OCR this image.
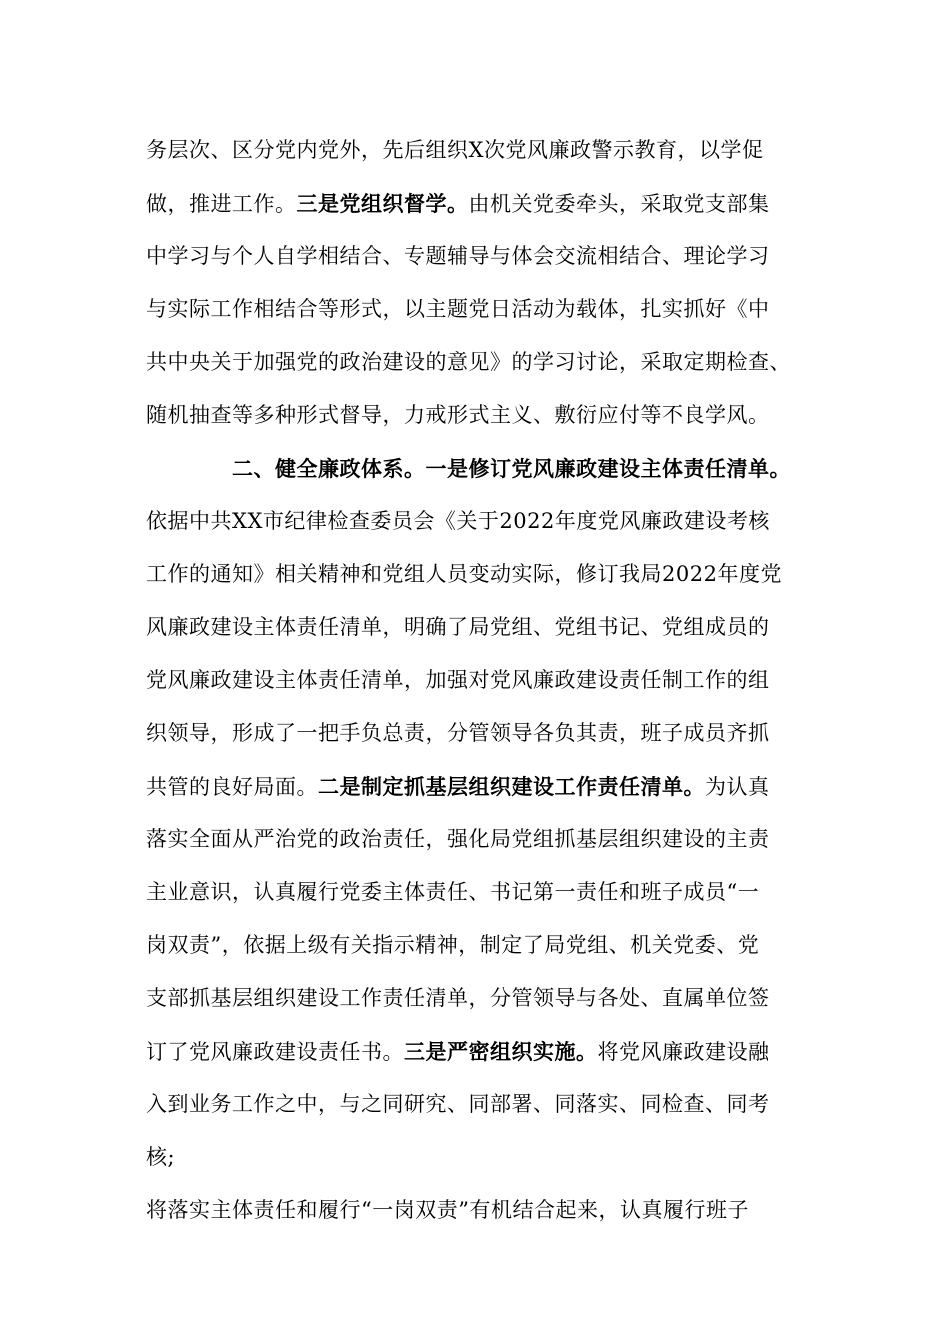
务层次、区分党内党外，先后组织X次党风廉政警示教育，以学促
做，推进工作。三是党组织督学。由机关党委牵头，采取党支部集
中学习与个人自学相结合、专题辅导与体会交流相结合、理论学习
与实际工作相结合等形式，以主题党日活动为载体，扎实抓好《中
共中央关于加强党的政治建设的意见》的学习讨论，采取定期检查、
随机抽查等多种形式督导，力戒形式主义、敷衍应付等不良学风。
二、健全廉政体系。一是修订党风廉政建设主体责任清单。
依据中共XX市纪律检查委员会《关于2022年度党风廉政建设考核
工作的通知》相关精神和党组人员变动实际，修订我局2022年度党
风廉政建设主体责任清单，明确了局党组、党组书记、党组成员的
党风廉政建设主体责任清单，加强对党风廉政建设责任制工作的组
织领导，形成了一把手负总责，分管领导各负其责，班子成员齐抓
共管的良好局面。二是制定抓基层组织建设工作责任清单。为认真
落实全面从严治党的政治责任，强化局党组抓基层组织建设的主责
主业意识，认真履行党委主体责任、书记第一责任和班子成员“一
岗双责”，依据上级有关指示精神，制定了局党组、机关党委、党
支部抓基层组织建设工作责任清单，分管领导与各处、直属单位签
订了党风廉政建设责任书。三是严密组织实施。将党风廉政建设融
入到业务工作之中，与之同研究、同部署、同落实、同检查、同考
核;
将落实主体责任和履行“一岗双责”有机结合起来，认真履行班子
